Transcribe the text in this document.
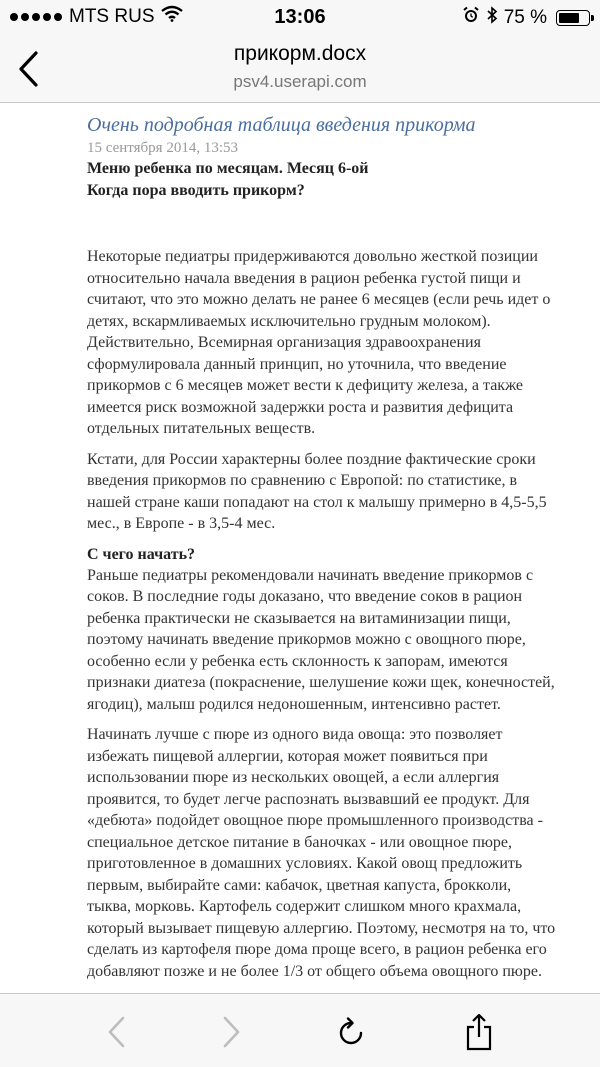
MTS RUS	13:06	75 %
прикорм.docx
psv4.userapi.com
Очень подробная таблица введения прикорма
15 сентября 2014, 13:53
Меню ребенка по месяцам. Месяц 6-ой
Когда пора вводить прикорм?

Некоторые педиатры придерживаются довольно жесткой позиции относительно начала введения в рацион ребенка густой пищи и считают, что это можно делать не ранее 6 месяцев (если речь идет о детях, вскармливаемых исключительно грудным молоком). Действительно, Всемирная организация здравоохранения сформулировала данный принцип, но уточнила, что введение прикормов с 6 месяцев может вести к дефициту железа, а также имеется риск возможной задержки роста и развития дефицита отдельных питательных веществ.

Кстати, для России характерны более поздние фактические сроки введения прикормов по сравнению с Европой: по статистике, в нашей стране каши попадают на стол к малышу примерно в 4,5-5,5 мес., в Европе - в 3,5-4 мес.

С чего начать?

Раньше педиатры рекомендовали начинать введение прикормов с соков. В последние годы доказано, что введение соков в рацион ребенка практически не сказывается на витаминизации пищи, поэтому начинать введение прикормов можно с овощного пюре, особенно если у ребенка есть склонность к запорам, имеются признаки диатеза (покраснение, шелушение кожи щек, конечностей, ягодиц), малыш родился недоношенным, интенсивно растет.

Начинать лучше с пюре из одного вида овоща: это позволяет избежать пищевой аллергии, которая может появиться при использовании пюре из нескольких овощей, а если аллергия проявится, то будет легче распознать вызвавший ее продукт. Для «дебюта» подойдет овощное пюре промышленного производства - специальное детское питание в баночках - или овощное пюре, приготовленное в домашних условиях. Какой овощ предложить первым, выбирайте сами: кабачок, цветная капуста, брокколи, тыква, морковь. Картофель содержит слишком много крахмала, который вызывает пищевую аллергию. Поэтому, несмотря на то, что сделать из картофеля пюре дома проще всего, в рацион ребенка его добавляют позже и не более 1/3 от общего объема овощного пюре.
